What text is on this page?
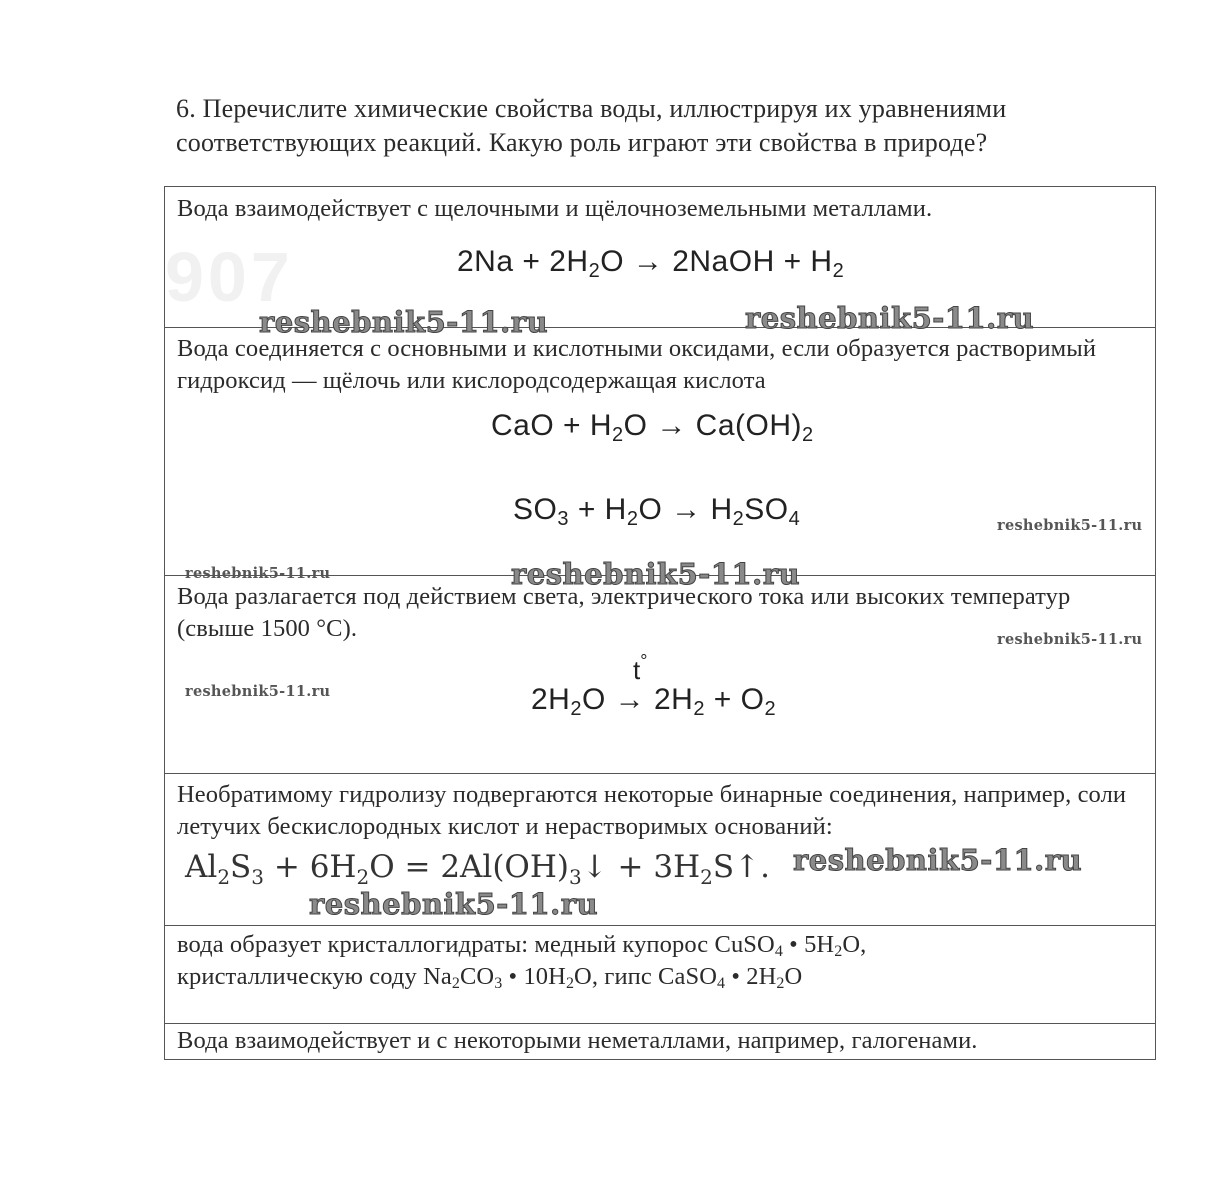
6. Перечислите химические свойства воды, иллюстрируя их уравнениями соответствующих реакций. Какую роль играют эти свойства в природе?
907
Вода взаимодействует с щелочными и щёлочноземельными металлами.
$2Na + 2H_2O$ → 2NaOH + $H_2$
reshebnik5-11.ru	reshebnik5-11.ru
Вода соединяется с основными и кислотными оксидами, если образуется растворимый гидроксид — щёлочь или кислородсодержащая кислота
CaO + $H_2O \to Ca(OH)_2$
$SO_3 + H_2O \to H_2SO_4$	reshebnik5-11.ru
reshebnik5-11.ru	reshebnik5-11.ru
Вода разлагается под действием света, электрического тока или высоких температур (свыше 1500 °C).	reshebnik5-11.ru
reshebnik5-11.ru
t°
$2H_2O \to 2H_2 + O_2$
Необратимому гидролизу подвергаются некоторые бинарные соединения, например, соли летучих бескислородных кислот и нерастворимых оснований:
$Al_2S_3 + 6H_2O$ = $2Al(OH)_3↓$ + $3H_2S↑$. reshebnik5-11.ru
reshebnik5-11.ru
вода образует кристаллогидраты: медный купорос CuSO$_4$ • $5H_2O$,
кристаллическую соду $Na_2CO_3$ • $10H_2O$, гипс CaSO$_4$ • $2H_2O$
Вода взаимодействует и с некоторыми неметаллами, например, галогенами.
